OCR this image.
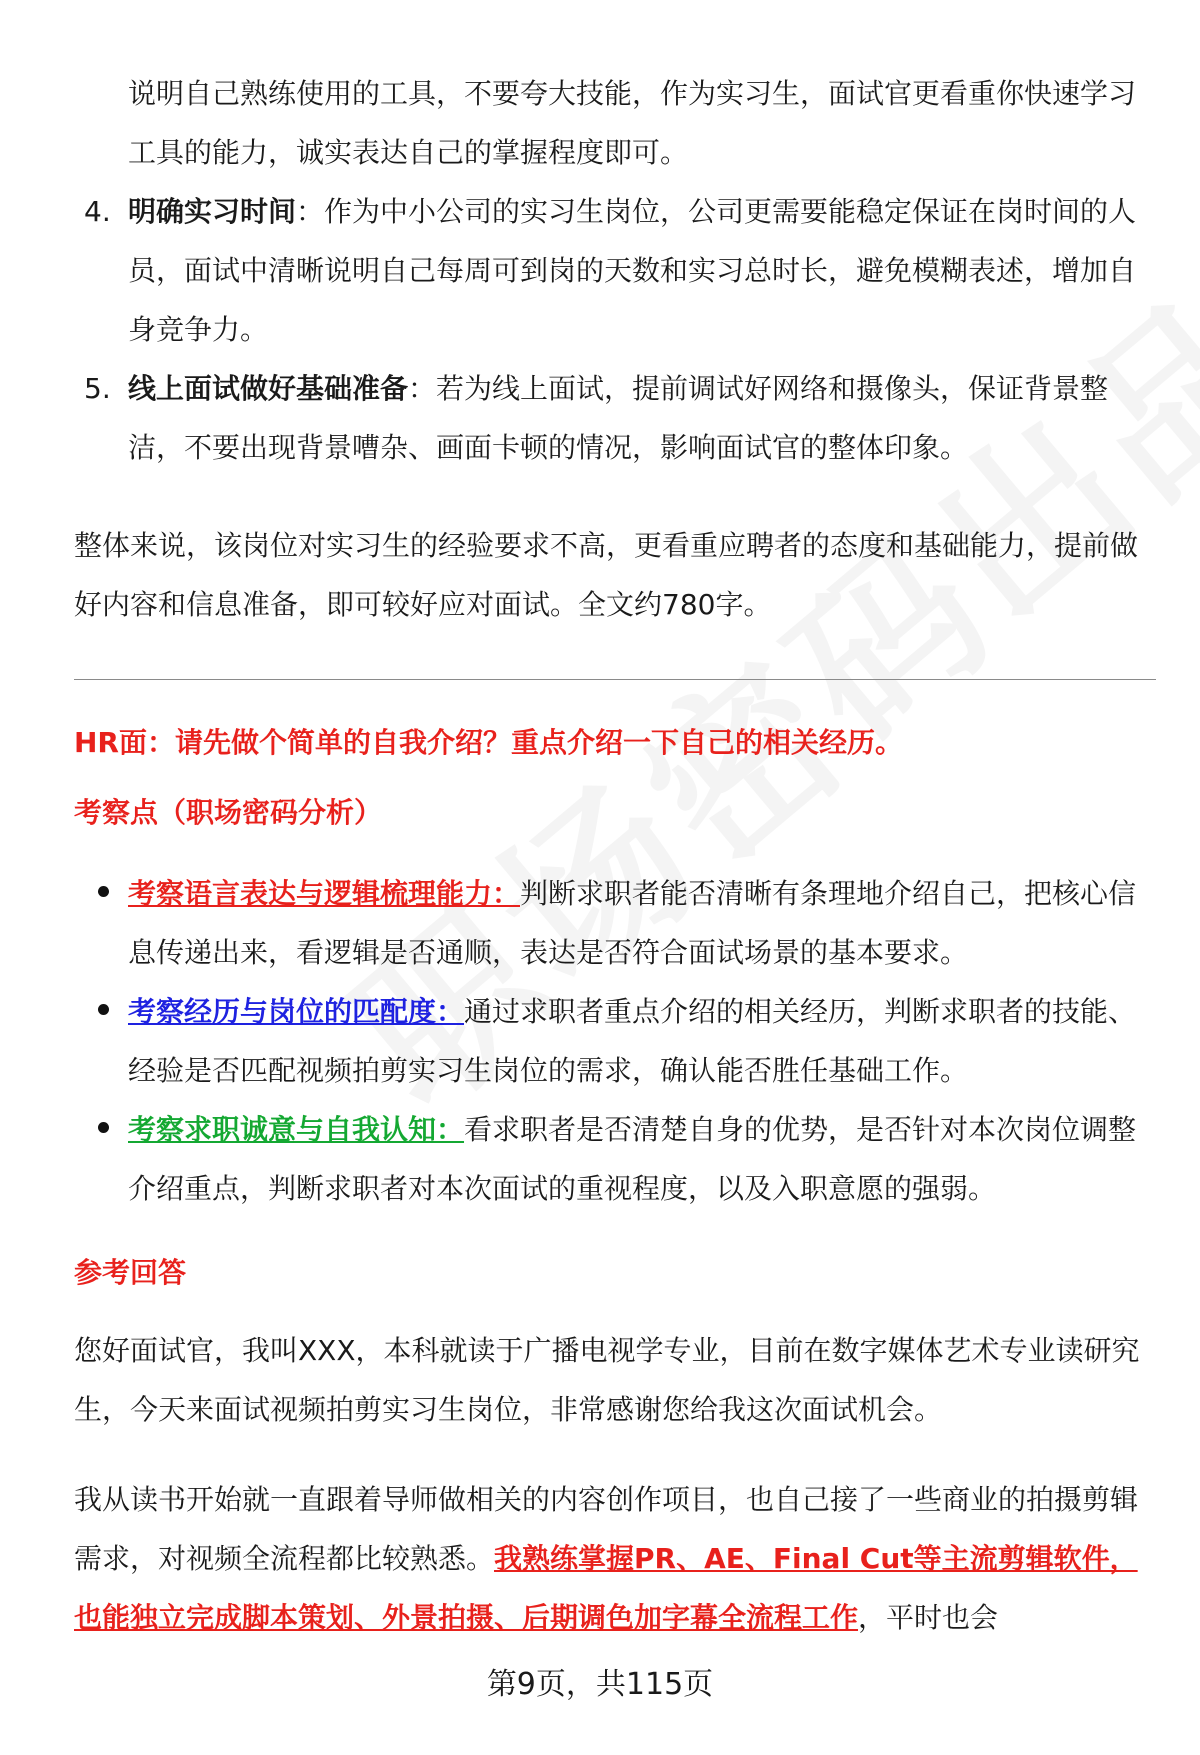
说明自己熟练使用的工具，不要夸大技能，作为实习生，面试官更看重你快速学习工具的能力，诚实表达自己的掌握程度即可。

4. 明确实习时间：作为中小公司的实习生岗位，公司更需要能稳定保证在岗时间的人员，面试中清晰说明自己每周可到岗的天数和实习总时长，避免模糊表述，增加自身竞争力。

5. 线上面试做好基础准备：若为线上面试，提前调试好网络和摄像头，保证背景整洁，不要出现背景嘈杂、画面卡顿的情况，影响面试官的整体印象。

整体来说，该岗位对实习生的经验要求不高，更看重应聘者的态度和基础能力，提前做好内容和信息准备，即可较好应对面试。全文约780字。

HR面：请先做个简单的自我介绍？重点介绍一下自己的相关经历。

考察点（职场密码分析）

考察语言表达与逻辑梳理能力：判断求职者能否清晰有条理地介绍自己，把核心信息传递出来，看逻辑是否通顺，表达是否符合面试场景的基本要求。

考察经历与岗位的匹配度：通过求职者重点介绍的相关经历，判断求职者的技能、经验是否匹配视频拍剪实习生岗位的需求，确认能否胜任基础工作。

考察求职诚意与自我认知：看求职者是否清楚自身的优势，是否针对本次岗位调整介绍重点，判断求职者对本次面试的重视程度，以及入职意愿的强弱。

参考回答

您好面试官，我叫XXX，本科就读于广播电视学专业，目前在数字媒体艺术专业读研究生，今天来面试视频拍剪实习生岗位，非常感谢您给我这次面试机会。

我从读书开始就一直跟着导师做相关的内容创作项目，也自己接了一些商业的拍摄剪辑需求，对视频全流程都比较熟悉。我熟练掌握PR、AE、Final Cut等主流剪辑软件，也能独立完成脚本策划、外景拍摄、后期调色加字幕全流程工作，平时也会

第9页，共115页
